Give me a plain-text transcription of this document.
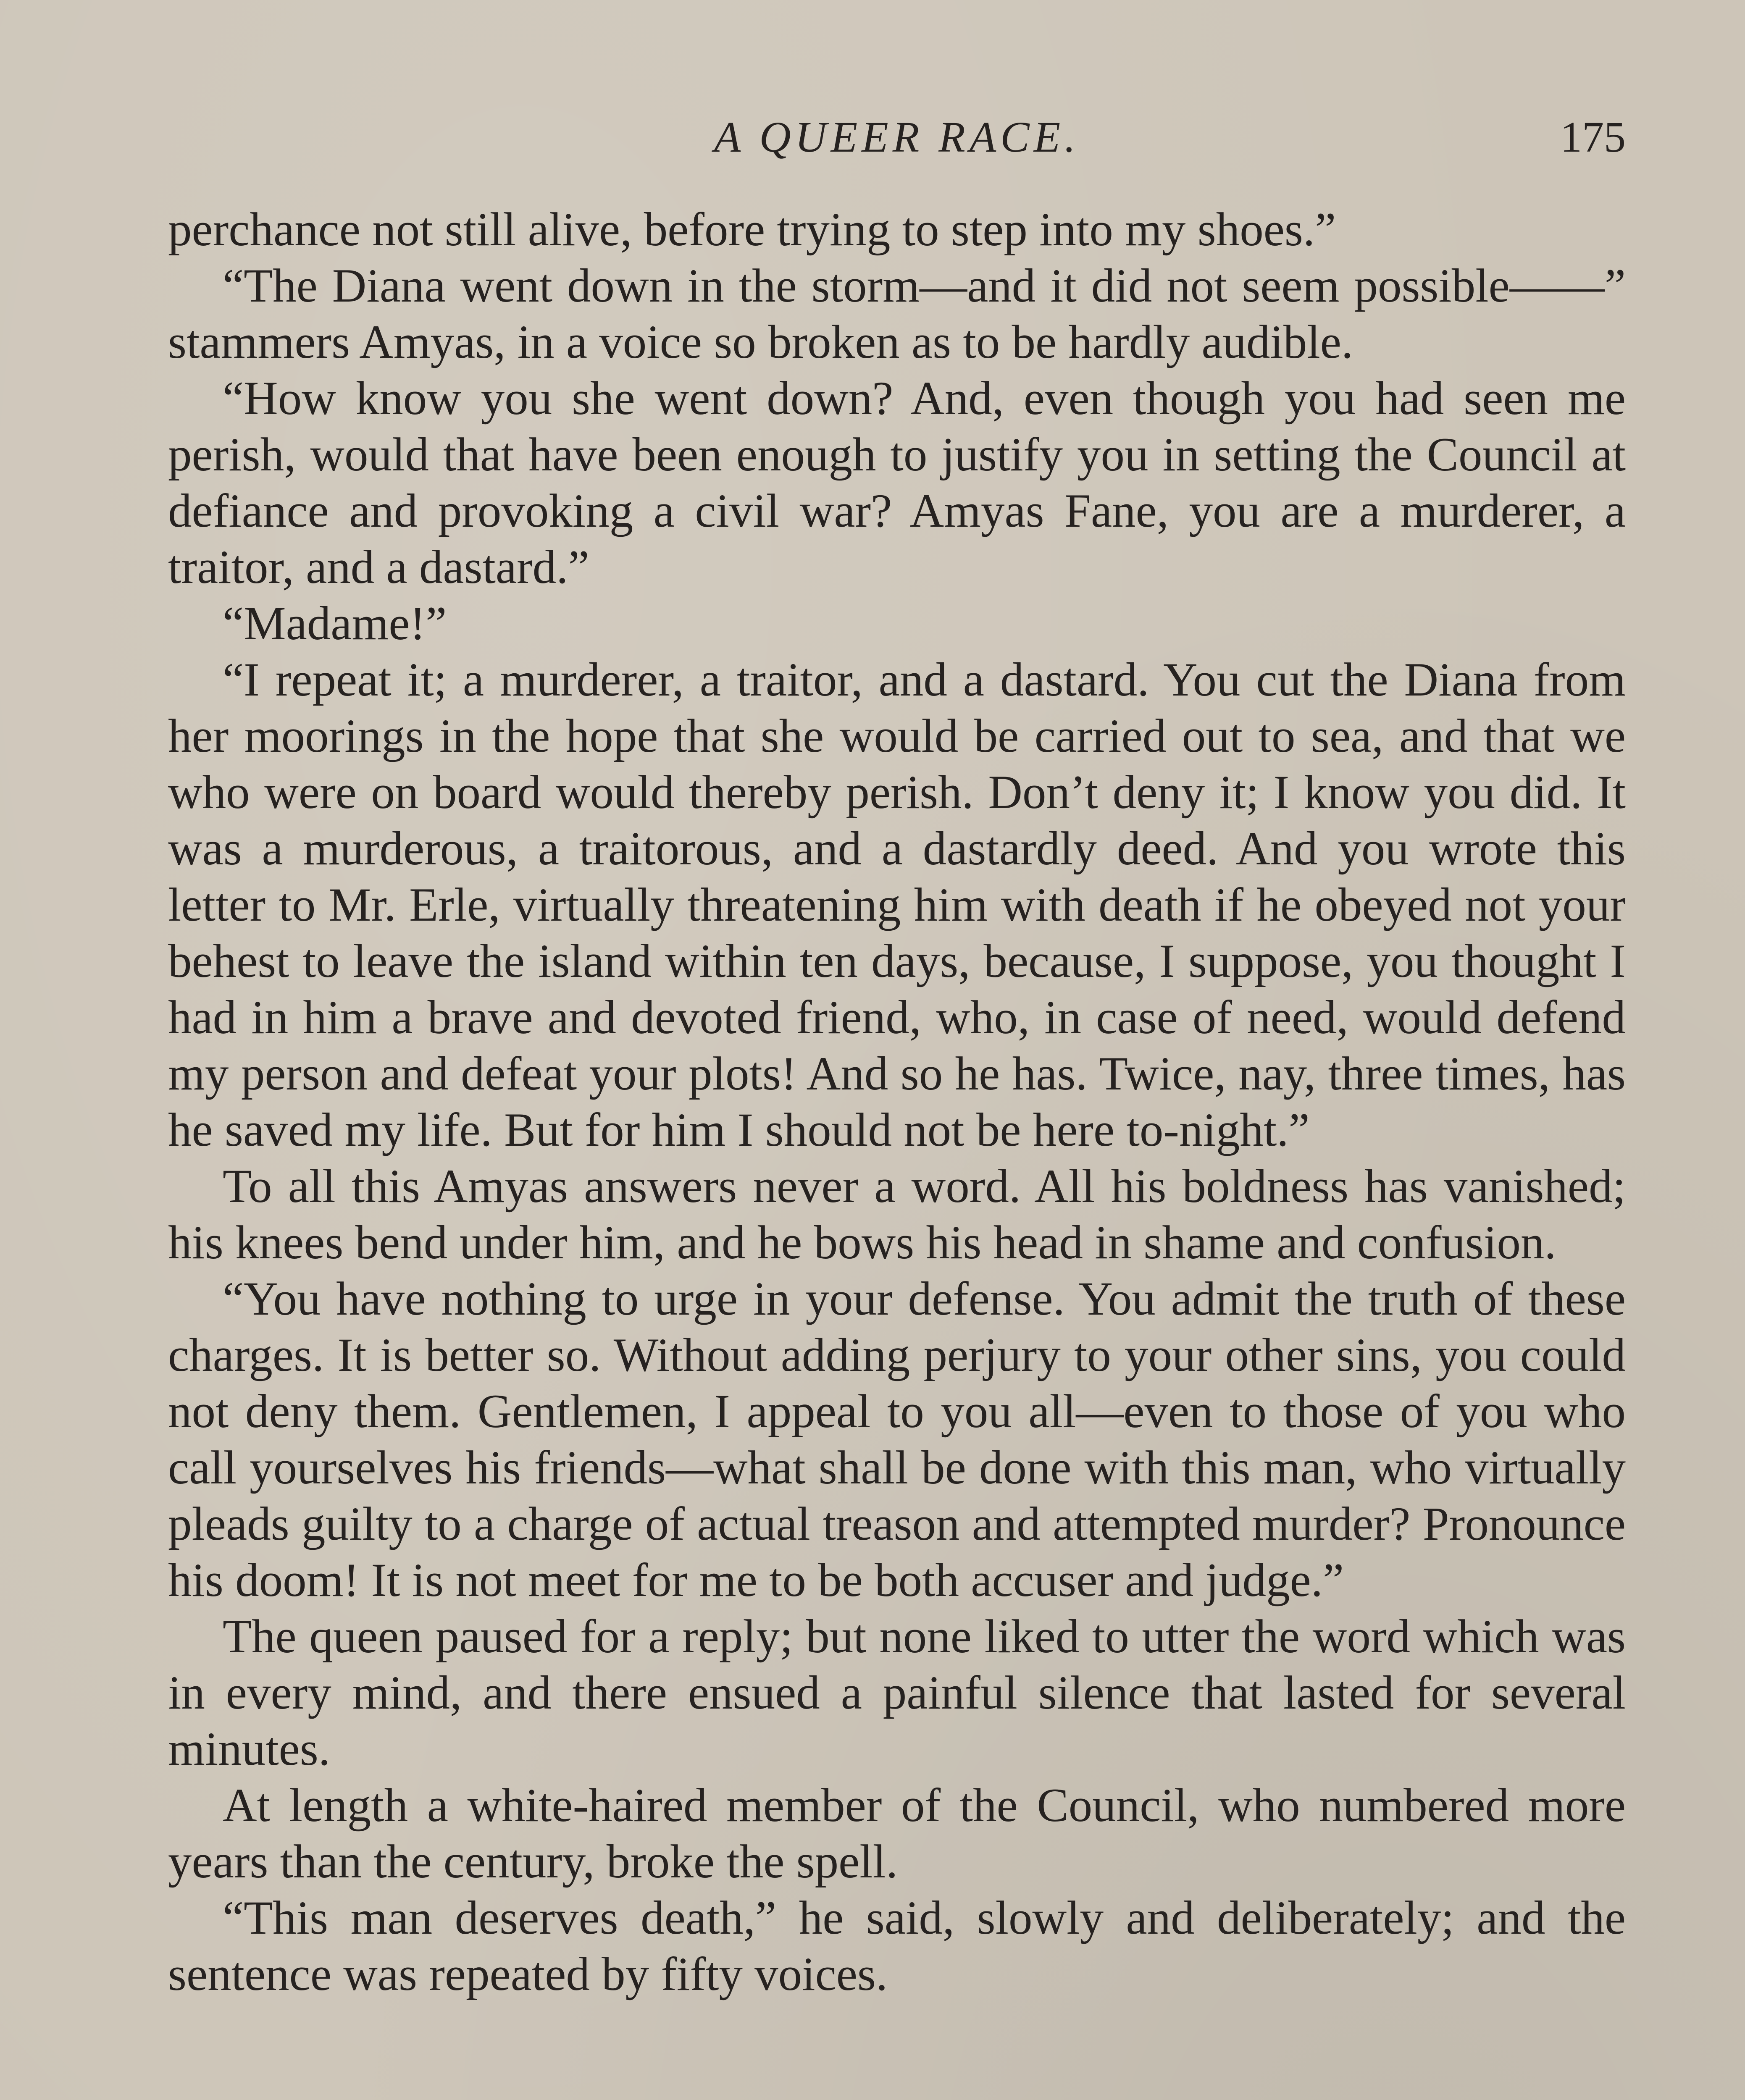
A QUEER RACE.	175

perchance not still alive, before trying to step into my shoes.”

“The Diana went down in the storm—and it did not seem possible——” stammers Amyas, in a voice so broken as to be hardly audible.

“How know you she went down? And, even though you had seen me perish, would that have been enough to justify you in setting the Council at defiance and provoking a civil war? Amyas Fane, you are a murderer, a traitor, and a dastard.”

“Madame!”

“I repeat it; a murderer, a traitor, and a dastard. You cut the Diana from her moorings in the hope that she would be carried out to sea, and that we who were on board would thereby perish. Don’t deny it; I know you did. It was a murderous, a traitorous, and a dastardly deed. And you wrote this letter to Mr. Erle, virtually threatening him with death if he obeyed not your behest to leave the island within ten days, because, I suppose, you thought I had in him a brave and devoted friend, who, in case of need, would defend my person and defeat your plots! And so he has. Twice, nay, three times, has he saved my life. But for him I should not be here to-night.”

To all this Amyas answers never a word. All his boldness has vanished; his knees bend under him, and he bows his head in shame and confusion.

“You have nothing to urge in your defense. You admit the truth of these charges. It is better so. Without adding perjury to your other sins, you could not deny them. Gentlemen, I appeal to you all—even to those of you who call yourselves his friends—what shall be done with this man, who virtually pleads guilty to a charge of actual treason and attempted murder? Pronounce his doom! It is not meet for me to be both accuser and judge.”

The queen paused for a reply; but none liked to utter the word which was in every mind, and there ensued a painful silence that lasted for several minutes.

At length a white-haired member of the Council, who numbered more years than the century, broke the spell.

“This man deserves death,” he said, slowly and deliberately; and the sentence was repeated by fifty voices.
